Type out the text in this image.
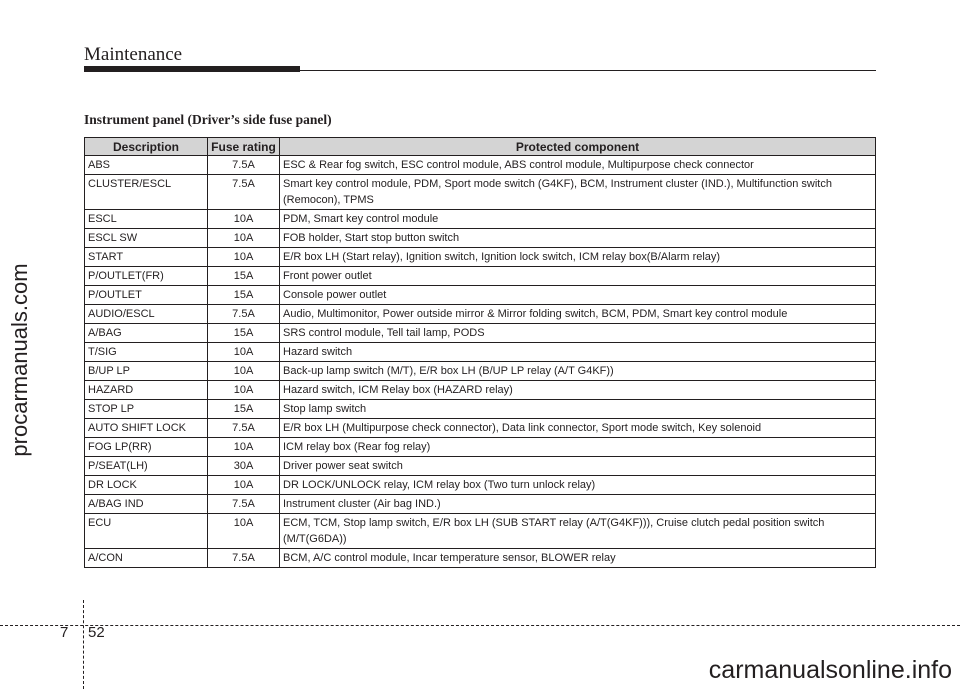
Maintenance
Instrument panel (Driver’s side fuse panel)
Description	Fuse rating	Protected component
ABS	7.5A	ESC & Rear fog switch, ESC control module, ABS control module, Multipurpose check connector
CLUSTER/ESCL	7.5A	Smart key control module, PDM, Sport mode switch (G4KF), BCM, Instrument cluster (IND.), Multifunction switch (Remocon), TPMS
ESCL	10A	PDM, Smart key control module
ESCL SW	10A	FOB holder, Start stop button switch
START	10A	E/R box LH (Start relay), Ignition switch, Ignition lock switch, ICM relay box(B/Alarm relay)
P/OUTLET(FR)	15A	Front power outlet
P/OUTLET	15A	Console power outlet
AUDIO/ESCL	7.5A	Audio, Multimonitor, Power outside mirror & Mirror folding switch, BCM, PDM, Smart key control module
A/BAG	15A	SRS control module, Tell tail lamp, PODS
T/SIG	10A	Hazard switch
B/UP LP	10A	Back-up lamp switch (M/T), E/R box LH (B/UP LP relay (A/T G4KF))
HAZARD	10A	Hazard switch, ICM Relay box (HAZARD relay)
STOP LP	15A	Stop lamp switch
AUTO SHIFT LOCK	7.5A	E/R box LH (Multipurpose check connector), Data link connector, Sport mode switch, Key solenoid
FOG LP(RR)	10A	ICM relay box (Rear fog relay)
P/SEAT(LH)	30A	Driver power seat switch
DR LOCK	10A	DR LOCK/UNLOCK relay, ICM relay box (Two turn unlock relay)
A/BAG IND	7.5A	Instrument cluster (Air bag IND.)
ECU	10A	ECM, TCM, Stop lamp switch, E/R box LH (SUB START relay (A/T(G4KF))), Cruise clutch pedal position switch (M/T(G6DA))
A/CON	7.5A	BCM, A/C control module, Incar temperature sensor, BLOWER relay
procarmanuals.com
7 52
carmanualsonline.info
